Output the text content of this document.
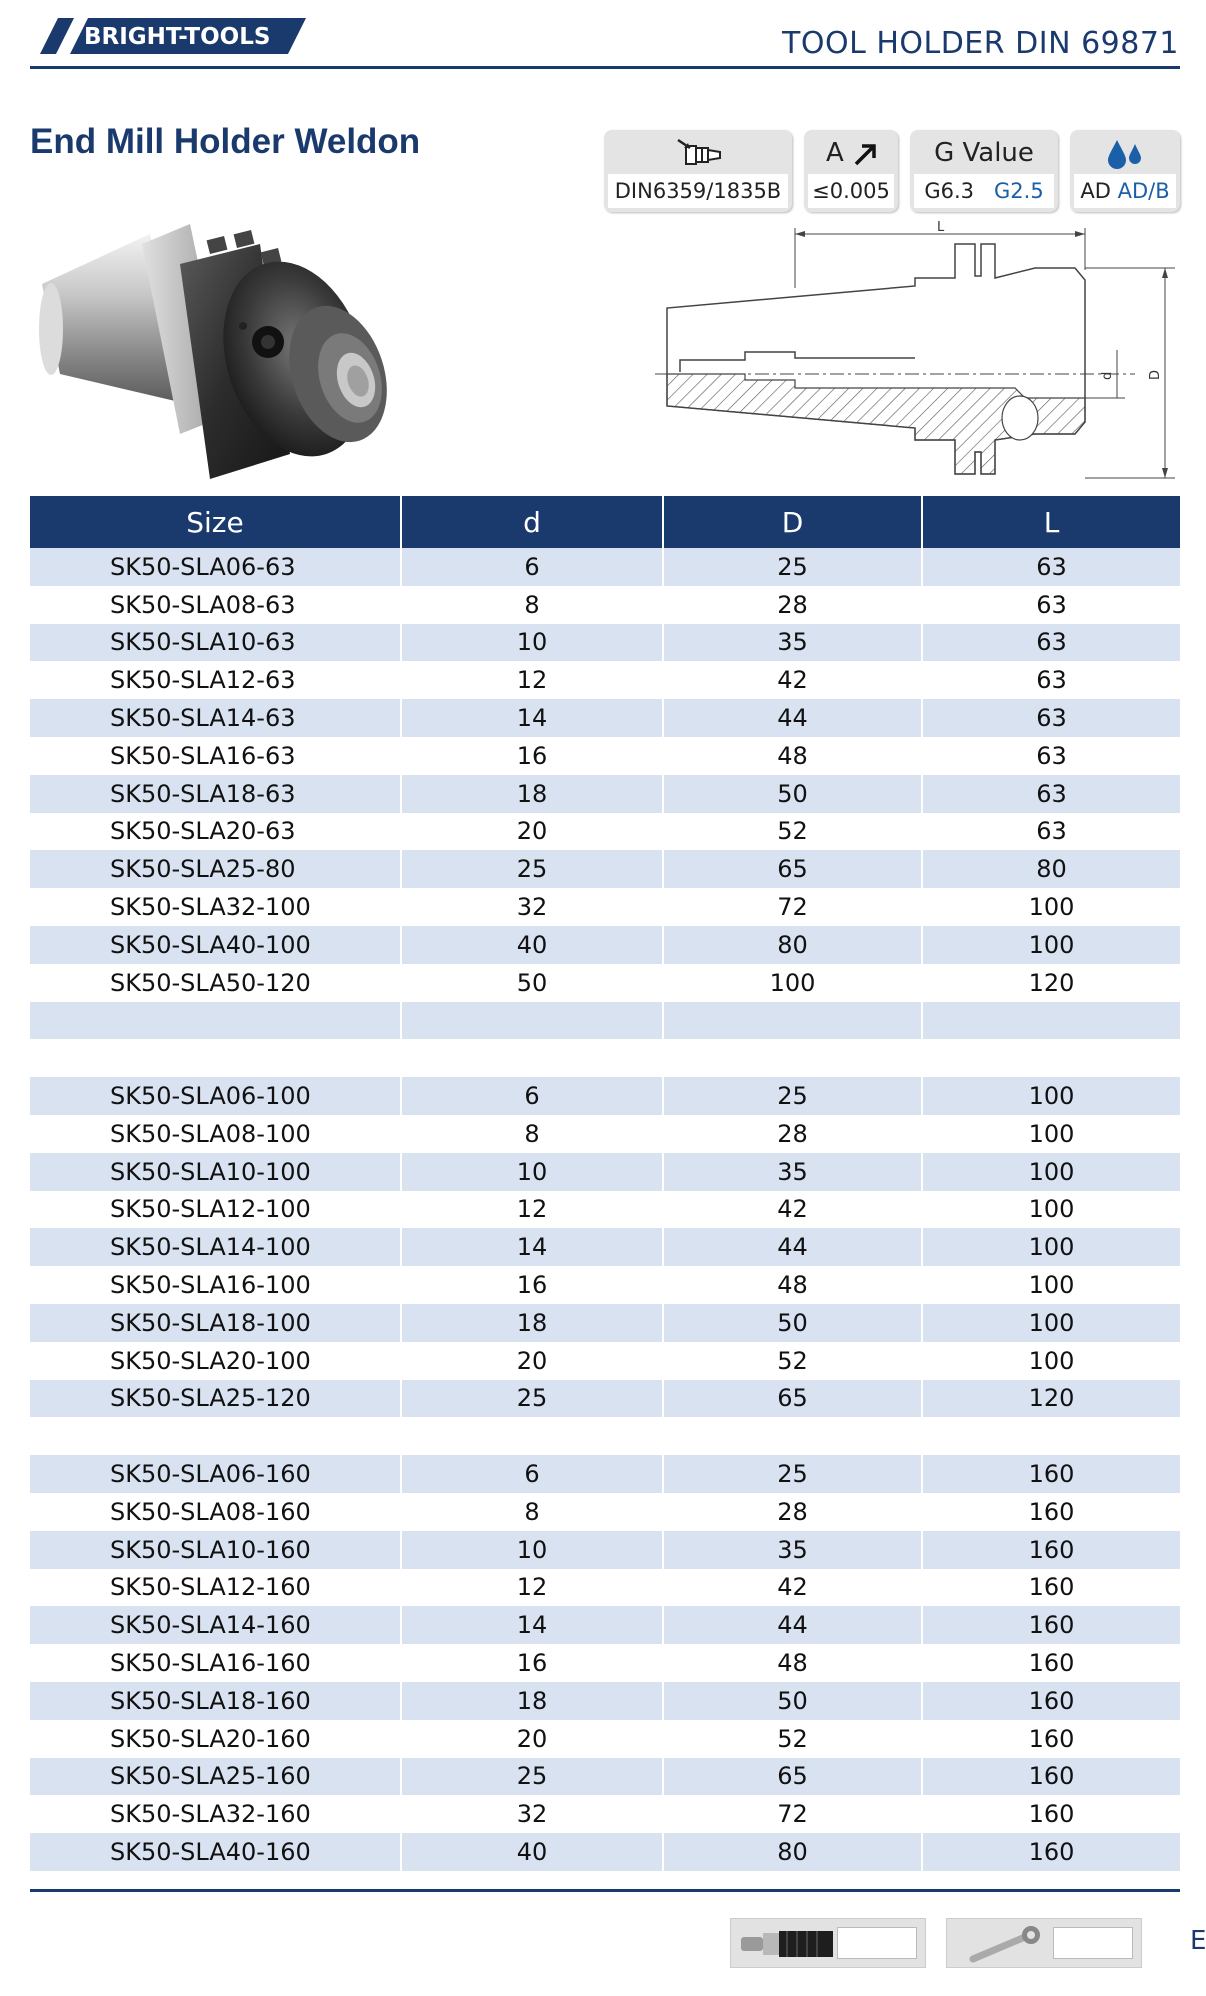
BRIGHT-TOOLS	TOOL HOLDER DIN 69871
End Mill Holder Weldon
DIN6359/1835B
A
≤0.005
G Value
G6.3 G2.5	AD AD/B
L
d	D
Size	d	D	L
SK50-SLA06-63	6	25	63
SK50-SLA08-63	8	28	63
SK50-SLA10-63	10	35	63
SK50-SLA12-63	12	42	63
SK50-SLA14-63	14	44	63
SK50-SLA16-63	16	48	63
SK50-SLA18-63	18	50	63
SK50-SLA20-63	20	52	63
SK50-SLA25-80	25	65	80
SK50-SLA32-100	32	72	100
SK50-SLA40-100	40	80	100
SK50-SLA50-120	50	100	120

SK50-SLA06-100	6	25	100
SK50-SLA08-100	8	28	100
SK50-SLA10-100	10	35	100
SK50-SLA12-100	12	42	100
SK50-SLA14-100	14	44	100
SK50-SLA16-100	16	48	100
SK50-SLA18-100	18	50	100
SK50-SLA20-100	20	52	100
SK50-SLA25-120	25	65	120

SK50-SLA06-160	6	25	160
SK50-SLA08-160	8	28	160
SK50-SLA10-160	10	35	160
SK50-SLA12-160	12	42	160
SK50-SLA14-160	14	44	160
SK50-SLA16-160	16	48	160
SK50-SLA18-160	18	50	160
SK50-SLA20-160	20	52	160
SK50-SLA25-160	25	65	160
SK50-SLA32-160	32	72	160
SK50-SLA40-160	40	80	160
E
